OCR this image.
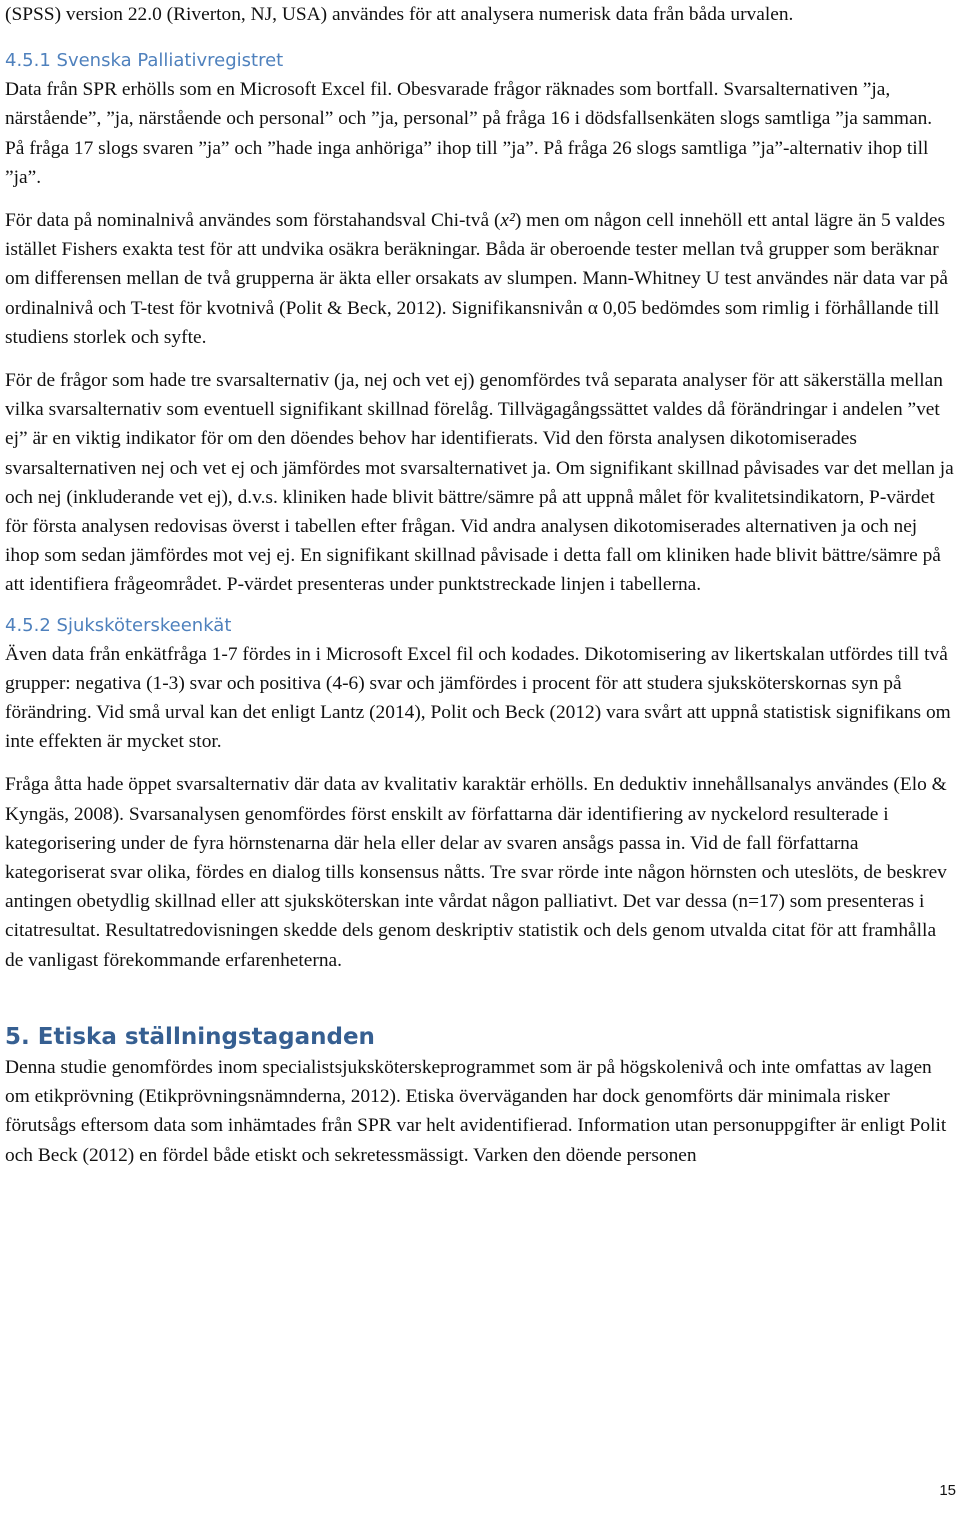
(SPSS) version 22.0 (Riverton, NJ, USA) användes för att analysera numerisk data från båda urvalen.

4.5.1 Svenska Palliativregistret

Data från SPR erhölls som en Microsoft Excel fil. Obesvarade frågor räknades som bortfall. Svarsalternativen ”ja, närstående”, ”ja, närstående och personal” och ”ja, personal” på fråga 16 i dödsfallsenkäten slogs samtliga ”ja samman. På fråga 17 slogs svaren ”ja” och ”hade inga anhöriga” ihop till ”ja”. På fråga 26 slogs samtliga ”ja”-alternativ ihop till ”ja”.

För data på nominalnivå användes som förstahandsval Chi-två (x²) men om någon cell innehöll ett antal lägre än 5 valdes istället Fishers exakta test för att undvika osäkra beräkningar. Båda är oberoende tester mellan två grupper som beräknar om differensen mellan de två grupperna är äkta eller orsakats av slumpen. Mann-Whitney U test användes när data var på ordinalnivå och T-test för kvotnivå (Polit & Beck, 2012). Signifikansnivån α 0,05 bedömdes som rimlig i förhållande till studiens storlek och syfte.

För de frågor som hade tre svarsalternativ (ja, nej och vet ej) genomfördes två separata analyser för att säkerställa mellan vilka svarsalternativ som eventuell signifikant skillnad förelåg. Tillvägagångssättet valdes då förändringar i andelen ”vet ej” är en viktig indikator för om den döendes behov har identifierats. Vid den första analysen dikotomiserades svarsalternativen nej och vet ej och jämfördes mot svarsalternativet ja. Om signifikant skillnad påvisades var det mellan ja och nej (inkluderande vet ej), d.v.s. kliniken hade blivit bättre/sämre på att uppnå målet för kvalitetsindikatorn, P-värdet för första analysen redovisas överst i tabellen efter frågan. Vid andra analysen dikotomiserades alternativen ja och nej ihop som sedan jämfördes mot vej ej. En signifikant skillnad påvisade i detta fall om kliniken hade blivit bättre/sämre på att identifiera frågeområdet. P-värdet presenteras under punktstreckade linjen i tabellerna.

4.5.2 Sjuksköterskeenkät

Även data från enkätfråga 1-7 fördes in i Microsoft Excel fil och kodades. Dikotomisering av likertskalan utfördes till två grupper: negativa (1-3) svar och positiva (4-6) svar och jämfördes i procent för att studera sjuksköterskornas syn på förändring. Vid små urval kan det enligt Lantz (2014), Polit och Beck (2012) vara svårt att uppnå statistisk signifikans om inte effekten är mycket stor.

Fråga åtta hade öppet svarsalternativ där data av kvalitativ karaktär erhölls. En deduktiv innehållsanalys användes (Elo & Kyngäs, 2008). Svarsanalysen genomfördes först enskilt av författarna där identifiering av nyckelord resulterade i kategorisering under de fyra hörnstenarna där hela eller delar av svaren ansågs passa in. Vid de fall författarna kategoriserat svar olika, fördes en dialog tills konsensus nåtts. Tre svar rörde inte någon hörnsten och uteslöts, de beskrev antingen obetydlig skillnad eller att sjuksköterskan inte vårdat någon palliativt. Det var dessa (n=17) som presenteras i citatresultat. Resultatredovisningen skedde dels genom deskriptiv statistik och dels genom utvalda citat för att framhålla de vanligast förekommande erfarenheterna.

5. Etiska ställningstaganden

Denna studie genomfördes inom specialistsjuksköterskeprogrammet som är på högskolenivå och inte omfattas av lagen om etikprövning (Etikprövningsnämnderna, 2012). Etiska överväganden har dock genomförts där minimala risker förutsågs eftersom data som inhämtades från SPR var helt avidentifierad. Information utan personuppgifter är enligt Polit och Beck (2012) en fördel både etiskt och sekretessmässigt. Varken den döende personen

15
